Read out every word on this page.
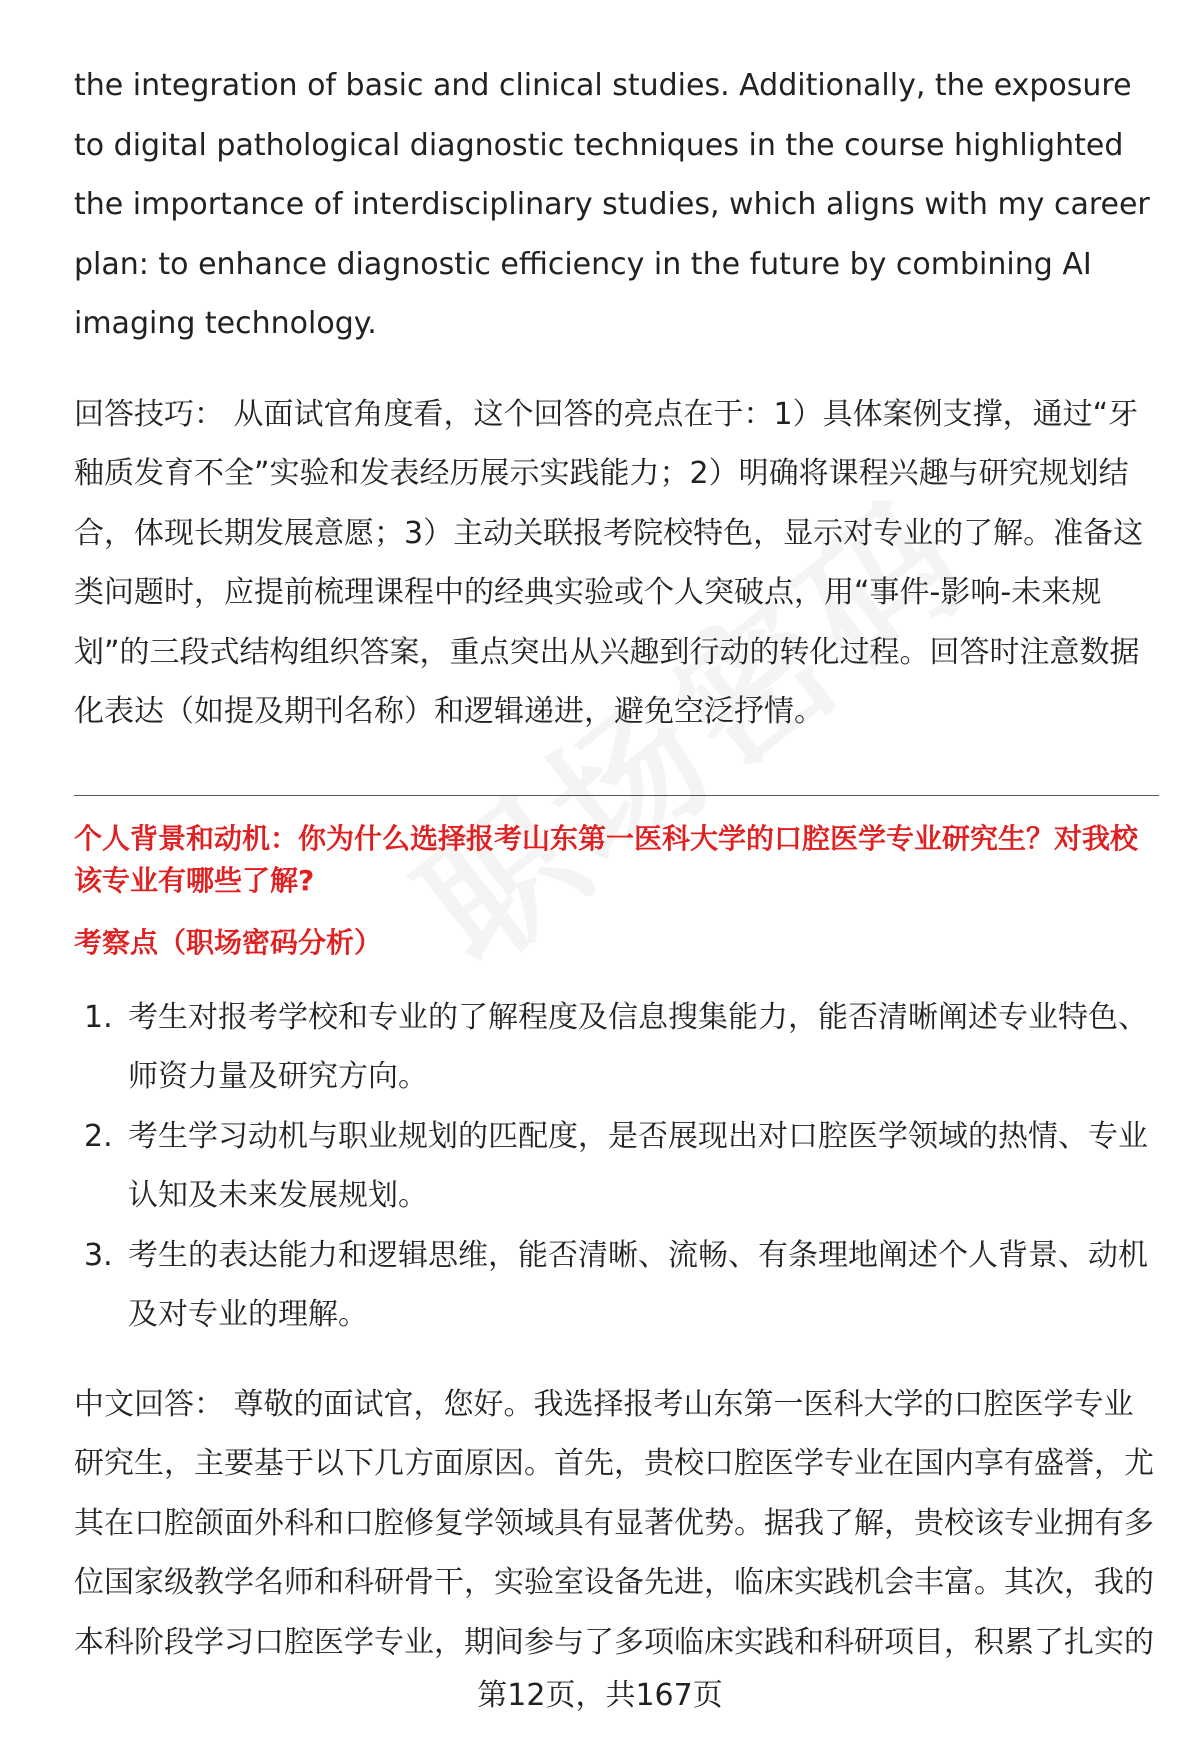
the integration of basic and clinical studies. Additionally, the exposure to digital pathological diagnostic techniques in the course highlighted the importance of interdisciplinary studies, which aligns with my career plan: to enhance diagnostic efficiency in the future by combining AI imaging technology.

回答技巧： 从面试官角度看，这个回答的亮点在于：1）具体案例支撑，通过“牙釉质发育不全”实验和发表经历展示实践能力；2）明确将课程兴趣与研究规划结合，体现长期发展意愿；3）主动关联报考院校特色，显示对专业的了解。准备这类问题时，应提前梳理课程中的经典实验或个人突破点，用“事件-影响-未来规划”的三段式结构组织答案，重点突出从兴趣到行动的转化过程。回答时注意数据化表达（如提及期刊名称）和逻辑递进，避免空泛抒情。

个人背景和动机：你为什么选择报考山东第一医科大学的口腔医学专业研究生？对我校该专业有哪些了解?
考察点（职场密码分析）
1. 考生对报考学校和专业的了解程度及信息搜集能力，能否清晰阐述专业特色、师资力量及研究方向。
2. 考生学习动机与职业规划的匹配度，是否展现出对口腔医学领域的热情、专业认知及未来发展规划。
3. 考生的表达能力和逻辑思维，能否清晰、流畅、有条理地阐述个人背景、动机及对专业的理解。

中文回答： 尊敬的面试官，您好。我选择报考山东第一医科大学的口腔医学专业研究生，主要基于以下几方面原因。首先，贵校口腔医学专业在国内享有盛誉，尤其在口腔颌面外科和口腔修复学领域具有显著优势。据我了解，贵校该专业拥有多位国家级教学名师和科研骨干，实验室设备先进，临床实践机会丰富。其次，我的本科阶段学习口腔医学专业，期间参与了多项临床实践和科研项目，积累了扎实的

第12页，共167页
